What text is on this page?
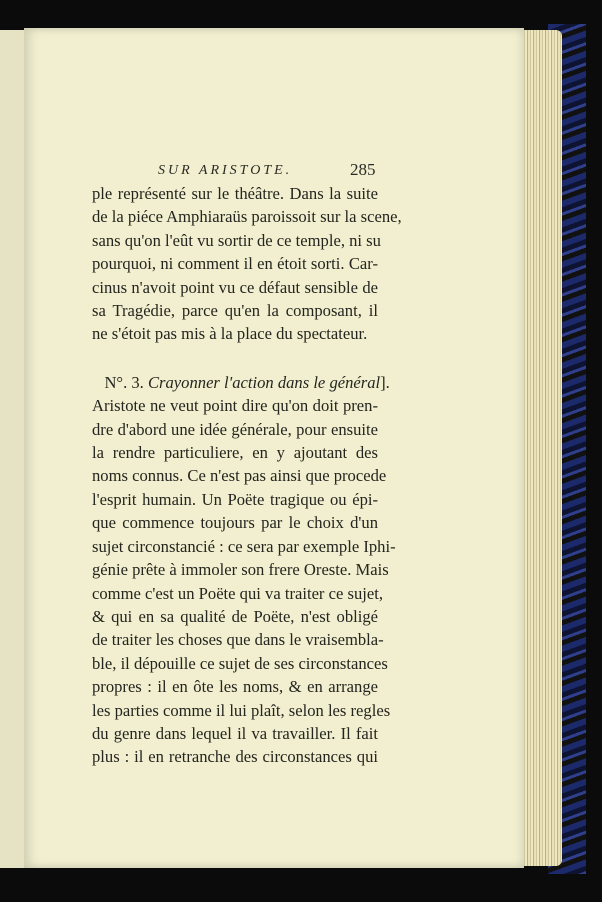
SUR ARISTOTE.	285
ple représenté sur le théâtre. Dans la suite
de la piéce Amphiaraüs paroissoit sur la scene,
sans qu'on l'eût vu sortir de ce temple, ni su
pourquoi, ni comment il en étoit sorti. Car-
cinus n'avoit point vu ce défaut sensible de
sa Tragédie, parce qu'en la composant, il
ne s'étoit pas mis à la place du spectateur.
N°. 3. Crayonner l'action dans le général].
Aristote ne veut point dire qu'on doit pren-
dre d'abord une idée générale, pour ensuite
la rendre particuliere, en y ajoutant des
noms connus. Ce n'est pas ainsi que procede
l'esprit humain. Un Poëte tragique ou épi-
que commence toujours par le choix d'un
sujet circonstancié : ce sera par exemple Iphi-
génie prête à immoler son frere Oreste. Mais
comme c'est un Poëte qui va traiter ce sujet,
& qui en sa qualité de Poëte, n'est obligé
de traiter les choses que dans le vraisembla-
ble, il dépouille ce sujet de ses circonstances
propres : il en ôte les noms, & en arrange
les parties comme il lui plaît, selon les regles
du genre dans lequel il va travailler. Il fait
plus : il en retranche des circonstances qui
